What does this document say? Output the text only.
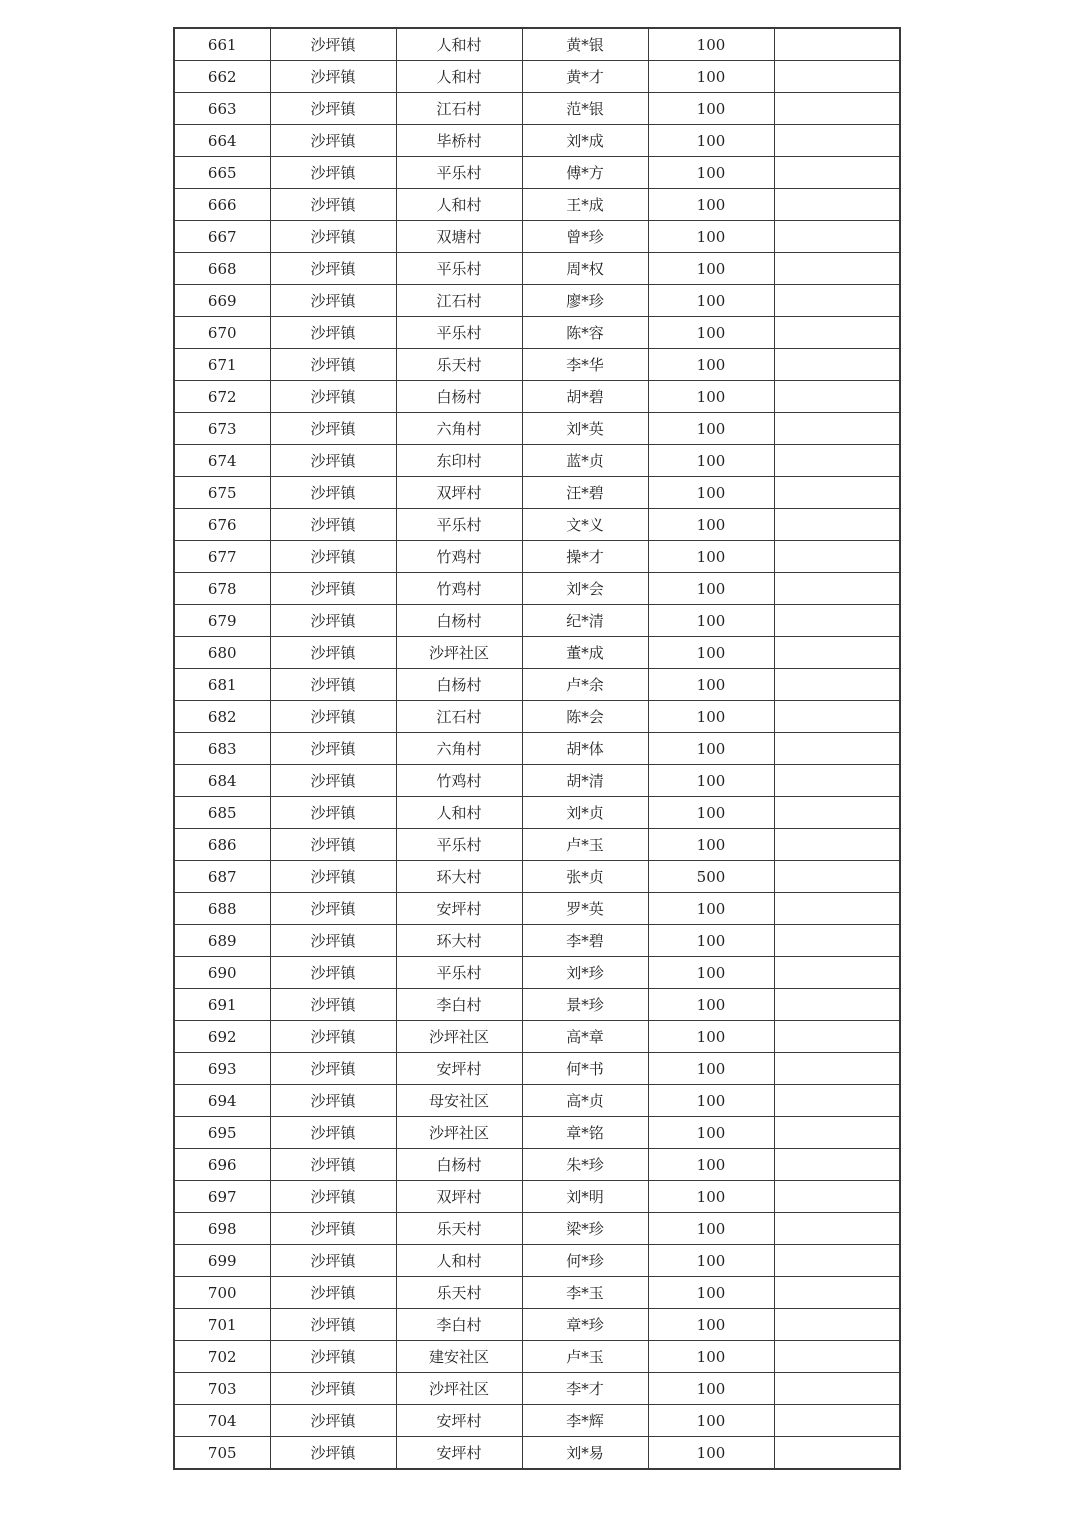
661	沙坪镇	人和村	黄*银	100	
662	沙坪镇	人和村	黄*才	100	
663	沙坪镇	江石村	范*银	100	
664	沙坪镇	毕桥村	刘*成	100	
665	沙坪镇	平乐村	傅*方	100	
666	沙坪镇	人和村	王*成	100	
667	沙坪镇	双塘村	曾*珍	100	
668	沙坪镇	平乐村	周*权	100	
669	沙坪镇	江石村	廖*珍	100	
670	沙坪镇	平乐村	陈*容	100	
671	沙坪镇	乐天村	李*华	100	
672	沙坪镇	白杨村	胡*碧	100	
673	沙坪镇	六角村	刘*英	100	
674	沙坪镇	东印村	蓝*贞	100	
675	沙坪镇	双坪村	汪*碧	100	
676	沙坪镇	平乐村	文*义	100	
677	沙坪镇	竹鸡村	操*才	100	
678	沙坪镇	竹鸡村	刘*会	100	
679	沙坪镇	白杨村	纪*清	100	
680	沙坪镇	沙坪社区	董*成	100	
681	沙坪镇	白杨村	卢*余	100	
682	沙坪镇	江石村	陈*会	100	
683	沙坪镇	六角村	胡*体	100	
684	沙坪镇	竹鸡村	胡*清	100	
685	沙坪镇	人和村	刘*贞	100	
686	沙坪镇	平乐村	卢*玉	100	
687	沙坪镇	环大村	张*贞	500	
688	沙坪镇	安坪村	罗*英	100	
689	沙坪镇	环大村	李*碧	100	
690	沙坪镇	平乐村	刘*珍	100	
691	沙坪镇	李白村	景*珍	100	
692	沙坪镇	沙坪社区	高*章	100	
693	沙坪镇	安坪村	何*书	100	
694	沙坪镇	母安社区	高*贞	100	
695	沙坪镇	沙坪社区	章*铭	100	
696	沙坪镇	白杨村	朱*珍	100	
697	沙坪镇	双坪村	刘*明	100	
698	沙坪镇	乐天村	梁*珍	100	
699	沙坪镇	人和村	何*珍	100	
700	沙坪镇	乐天村	李*玉	100	
701	沙坪镇	李白村	章*珍	100	
702	沙坪镇	建安社区	卢*玉	100	
703	沙坪镇	沙坪社区	李*才	100	
704	沙坪镇	安坪村	李*辉	100	
705	沙坪镇	安坪村	刘*易	100	
